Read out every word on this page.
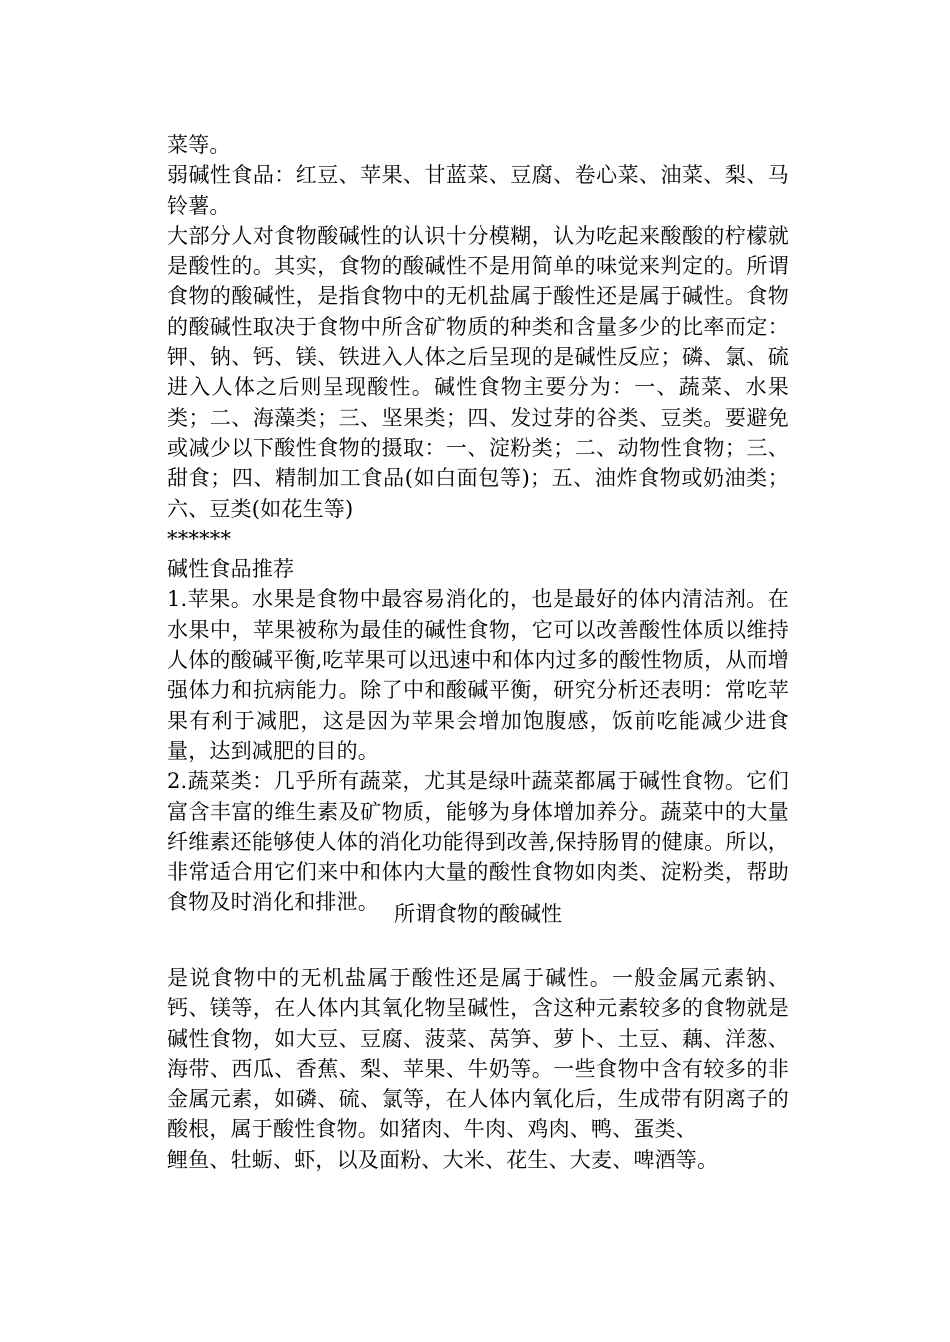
菜等。

弱碱性食品：红豆、苹果、甘蓝菜、豆腐、卷心菜、油菜、梨、马铃薯。

大部分人对食物酸碱性的认识十分模糊，认为吃起来酸酸的柠檬就是酸性的。其实，食物的酸碱性不是用简单的味觉来判定的。所谓食物的酸碱性，是指食物中的无机盐属于酸性还是属于碱性。食物的酸碱性取决于食物中所含矿物质的种类和含量多少的比率而定：钾、钠、钙、镁、铁进入人体之后呈现的是碱性反应；磷、氯、硫进入人体之后则呈现酸性。碱性食物主要分为：一、蔬菜、水果类；二、海藻类；三、坚果类；四、发过芽的谷类、豆类。要避免或减少以下酸性食物的摄取：一、淀粉类；二、动物性食物；三、甜食；四、精制加工食品(如白面包等)；五、油炸食物或奶油类；六、豆类(如花生等)

******

碱性食品推荐

1.苹果。水果是食物中最容易消化的，也是最好的体内清洁剂。在水果中，苹果被称为最佳的碱性食物，它可以改善酸性体质以维持人体的酸碱平衡,吃苹果可以迅速中和体内过多的酸性物质，从而增强体力和抗病能力。除了中和酸碱平衡，研究分析还表明：常吃苹果有利于减肥，这是因为苹果会增加饱腹感，饭前吃能减少进食量，达到减肥的目的。

2.蔬菜类：几乎所有蔬菜，尤其是绿叶蔬菜都属于碱性食物。它们富含丰富的维生素及矿物质，能够为身体增加养分。蔬菜中的大量纤维素还能够使人体的消化功能得到改善,保持肠胃的健康。所以，非常适合用它们来中和体内大量的酸性食物如肉类、淀粉类，帮助食物及时消化和排泄。 所谓食物的酸碱性

是说食物中的无机盐属于酸性还是属于碱性。一般金属元素钠、钙、镁等，在人体内其氧化物呈碱性，含这种元素较多的食物就是碱性食物，如大豆、豆腐、菠菜、莴笋、萝卜、土豆、藕、洋葱、海带、西瓜、香蕉、梨、苹果、牛奶等。一些食物中含有较多的非金属元素，如磷、硫、氯等，在人体内氧化后，生成带有阴离子的酸根，属于酸性食物。如猪肉、牛肉、鸡肉、鸭、蛋类、

鲤鱼、牡蛎、虾，以及面粉、大米、花生、大麦、啤酒等。
